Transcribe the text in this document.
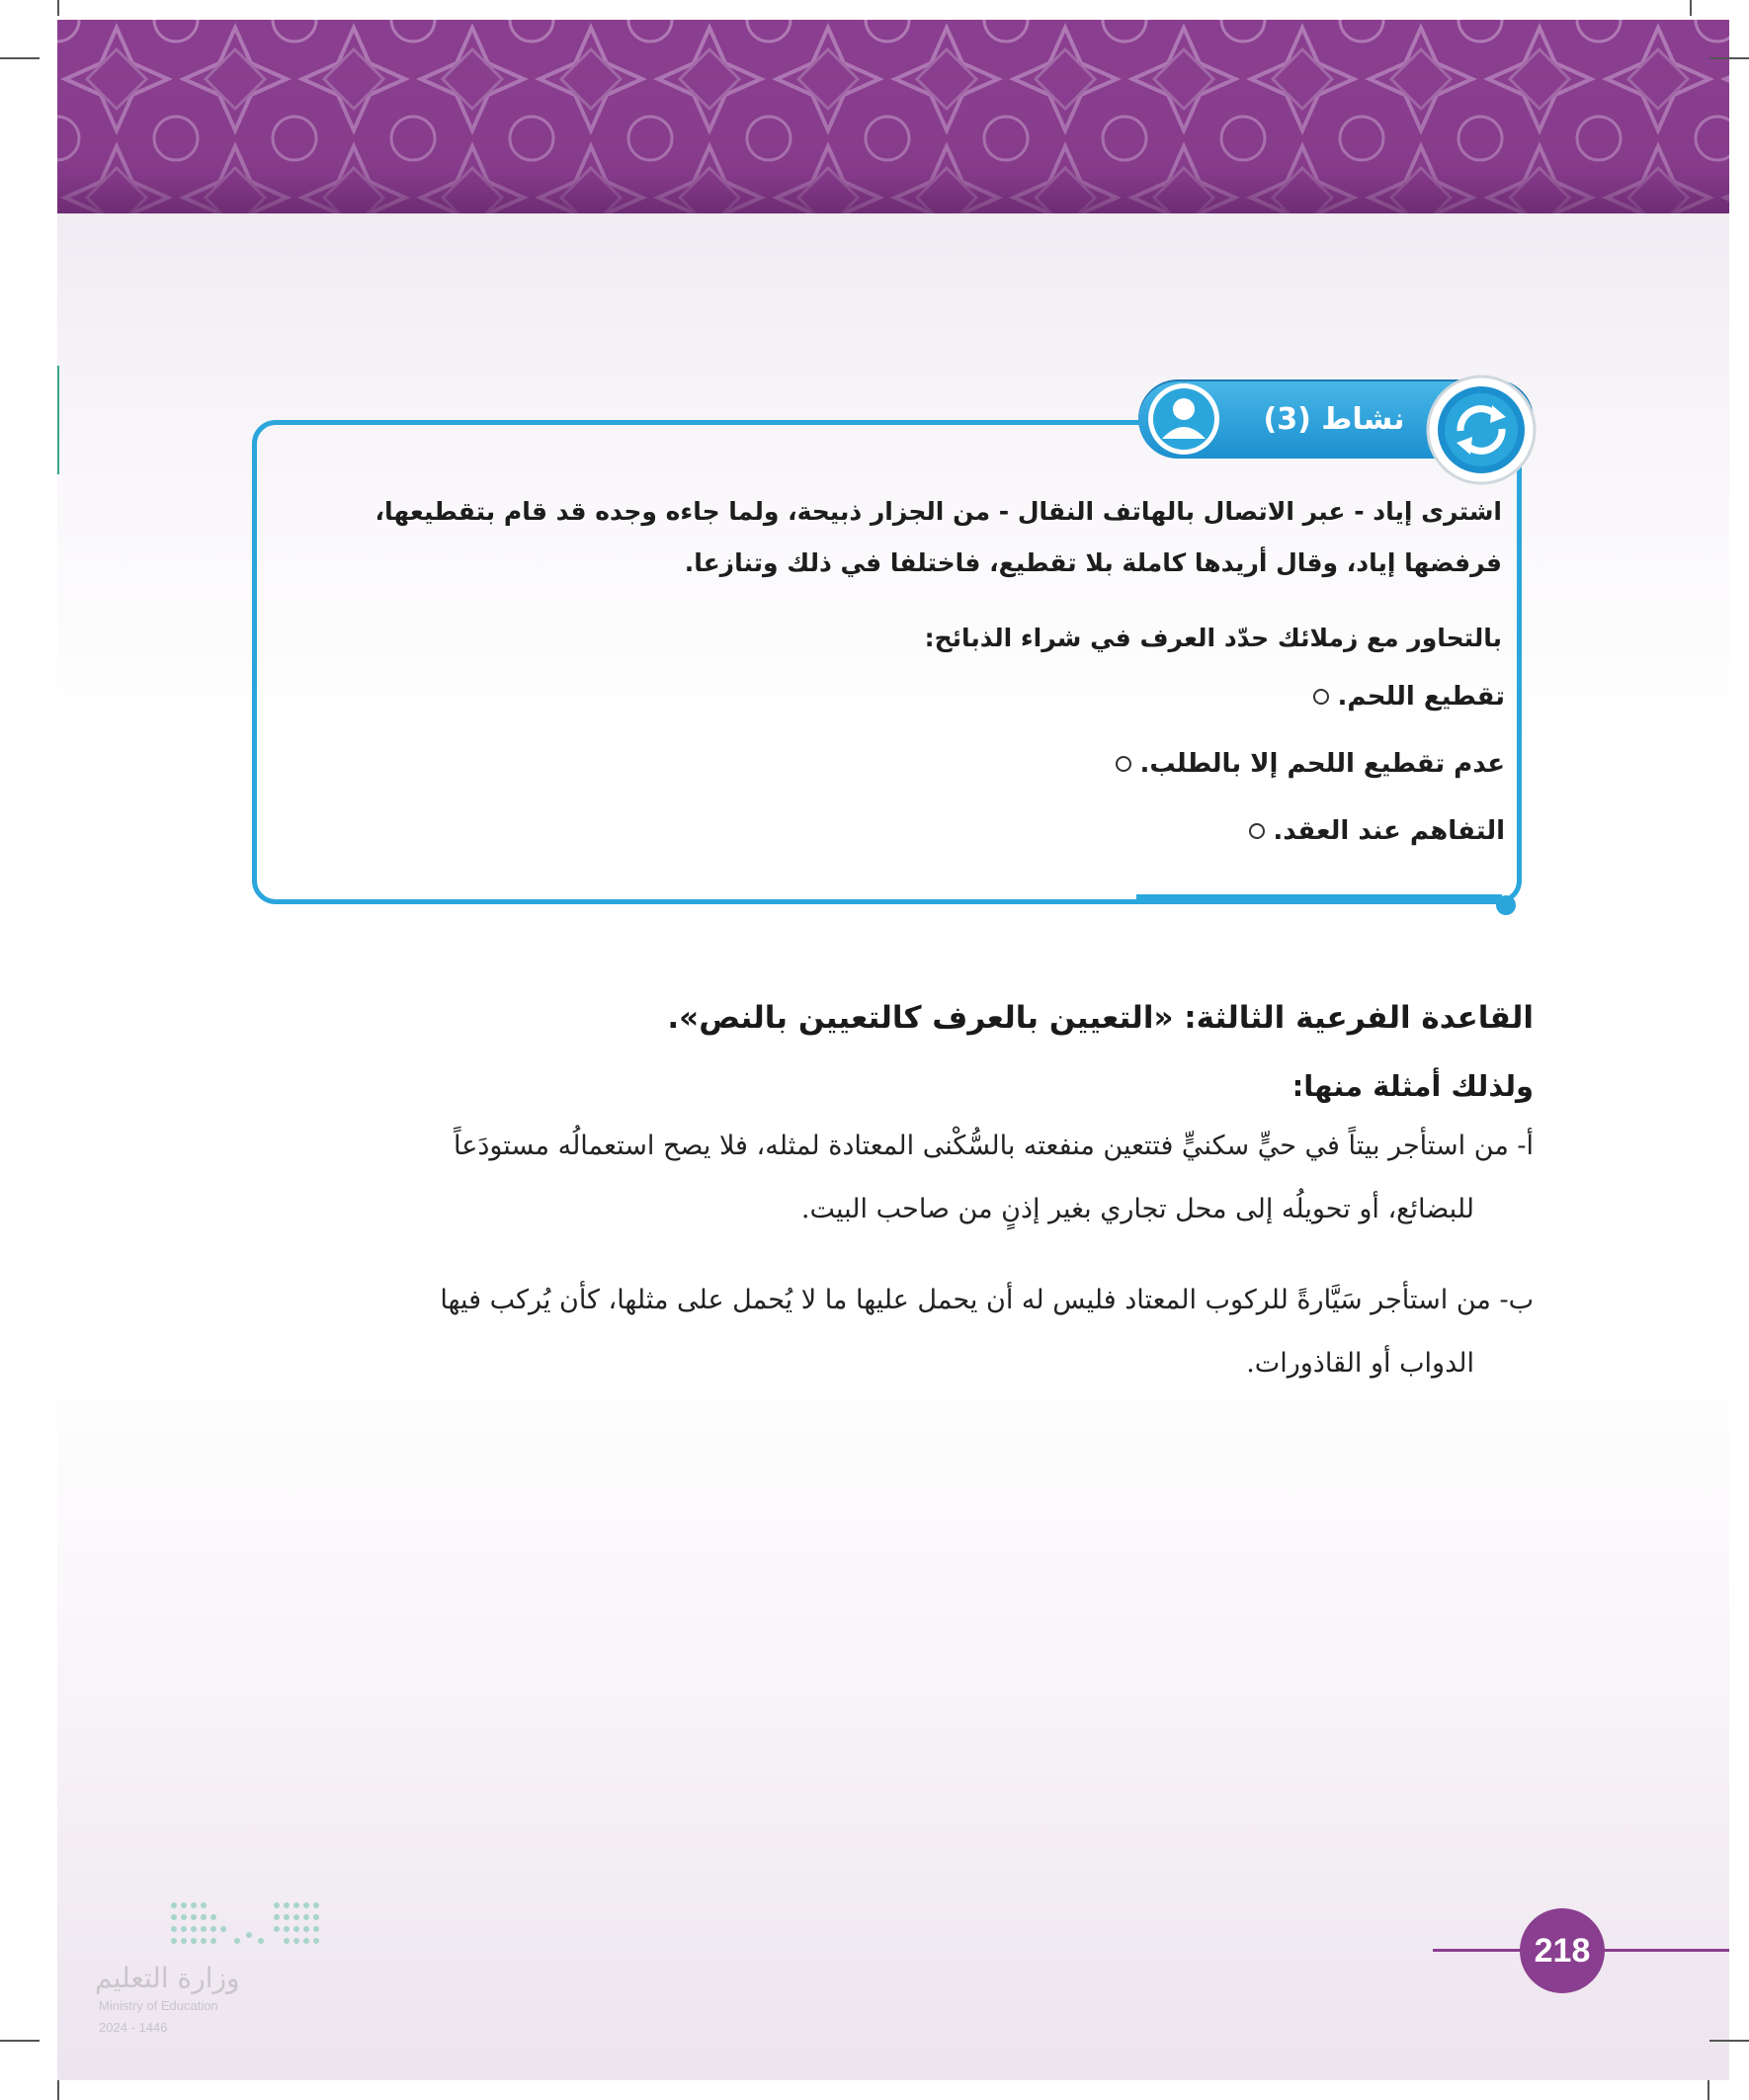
نشاط (3)
اشترى إياد - عبر الاتصال بالهاتف النقال - من الجزار ذبيحة، ولما جاءه وجده قد قام بتقطيعها،
فرفضها إياد، وقال أريدها كاملة بلا تقطيع، فاختلفا في ذلك وتنازعا.
بالتحاور مع زملائك حدّد العرف في شراء الذبائح:
تقطيع اللحم.
عدم تقطيع اللحم إلا بالطلب.
التفاهم عند العقد.
القاعدة الفرعية الثالثة: «التعيين بالعرف كالتعيين بالنص».
ولذلك أمثلة منها:
أ- من استأجر بيتاً في حيٍّ سكنيٍّ فتتعين منفعته بالسُّكْنى المعتادة لمثله، فلا يصح استعمالُه مستودَعاً
للبضائع، أو تحويلُه إلى محل تجاري بغير إذنٍ من صاحب البيت.
ب- من استأجر سَيَّارةً للركوب المعتاد فليس له أن يحمل عليها ما لا يُحمل على مثلها، كأن يُركب فيها
الدواب أو القاذورات.
وزارة التعليم
Ministry of Education
2024 - 1446
218
